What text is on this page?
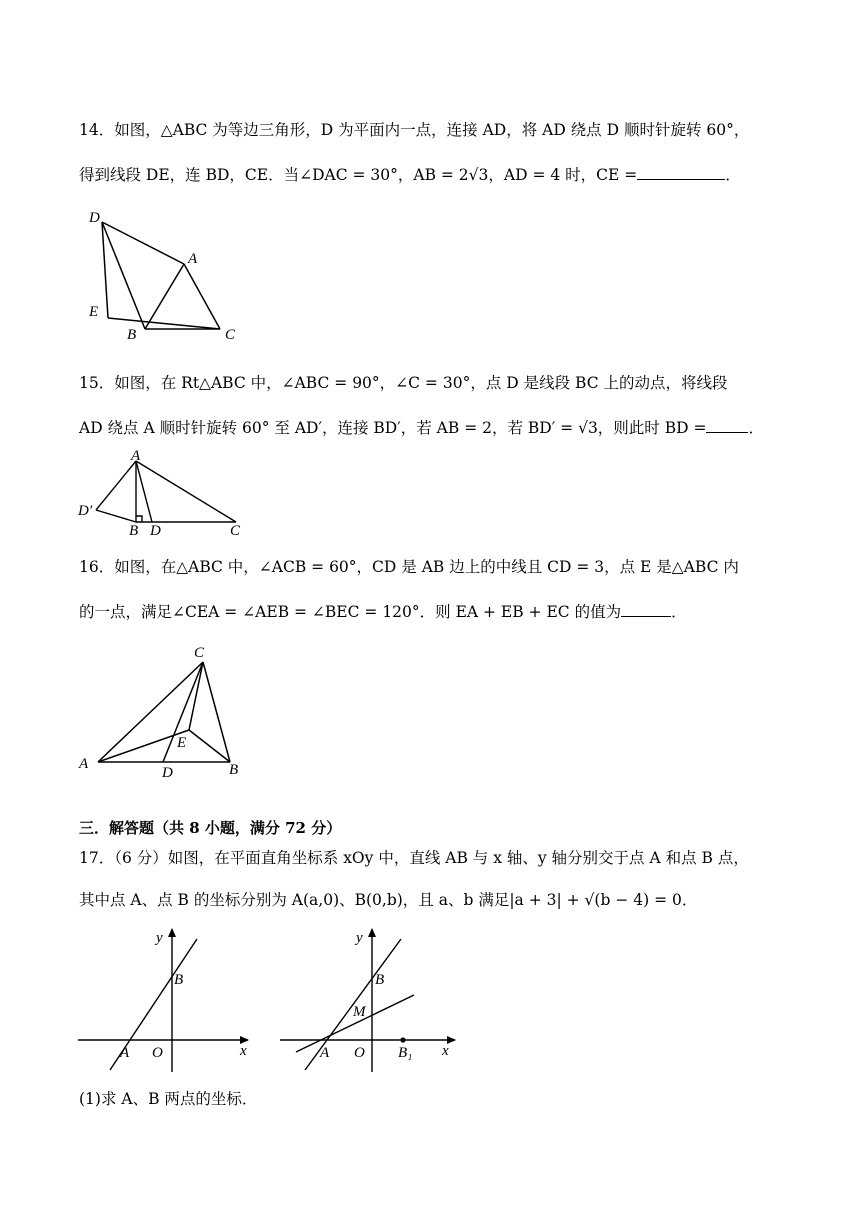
14．如图，△ABC 为等边三角形，D 为平面内一点，连接 AD，将 AD 绕点 D 顺时针旋转 60°，
得到线段 DE，连 BD，CE．当∠DAC = 30°，AB = 2√3，AD = 4 时，CE =	．
D
A
E
B	C
15．如图，在 Rt△ABC 中，∠ABC = 90°，∠C = 30°，点 D 是线段 BC 上的动点，将线段
AD 绕点 A 顺时针旋转 60° 至 AD′，连接 BD′，若 AB = 2，若 BD′ = √3，则此时 BD =	．
A
D′
B D	C
16．如图，在△ABC 中，∠ACB = 60°，CD 是 AB 边上的中线且 CD = 3，点 E 是△ABC 内
的一点，满足∠CEA = ∠AEB = ∠BEC = 120°．则 EA + EB + EC 的值为	．
C
E
A
D	B
三．解答题（共 8 小题，满分 72 分）
17．（6 分）如图，在平面直角坐标系 xOy 中，直线 AB 与 x 轴、y 轴分别交于点 A 和点 B 点，
其中点 A、点 B 的坐标分别为 A(a,0)、B(0,b)，且 a、b 满足|a + 3| + √(b − 4) = 0．
y
B
A O	x
y
B
M
A O B₁ x
(1)求 A、B 两点的坐标．
